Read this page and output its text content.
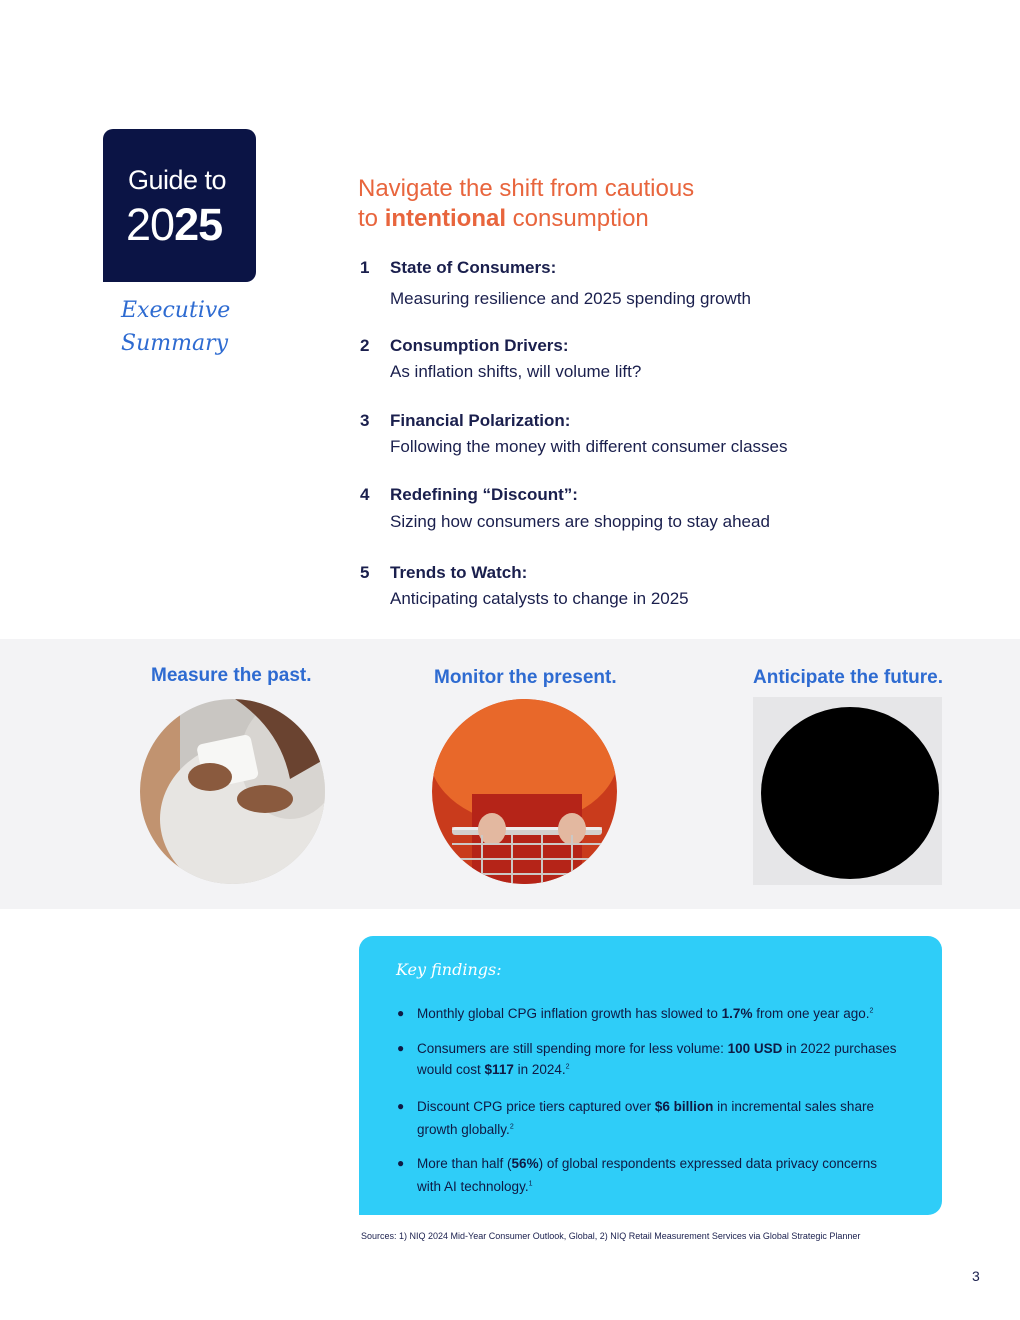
Guide to
2025
Executive
Summary
Navigate the shift from cautious
to intentional consumption
1 State of Consumers:
Measuring resilience and 2025 spending growth
2 Consumption Drivers:
As inflation shifts, will volume lift?
3 Financial Polarization:
Following the money with different consumer classes
4 Redefining “Discount”:
Sizing how consumers are shopping to stay ahead
5 Trends to Watch:
Anticipating catalysts to change in 2025
Measure the past.	Monitor the present.	Anticipate the future.
Key findings:
● Monthly global CPG inflation growth has slowed to 1.7% from one year ago.$^2$
● Consumers are still spending more for less volume: 100 USD in 2022 purchases would cost $117 in 2024.$^2$
● Discount CPG price tiers captured over $6 billion in incremental sales share growth globally.$^2$
● More than half (56%) of global respondents expressed data privacy concerns with AI technology.$^1$
Sources: 1) NIQ 2024 Mid-Year Consumer Outlook, Global, 2) NIQ Retail Measurement Services via Global Strategic Planner
3
